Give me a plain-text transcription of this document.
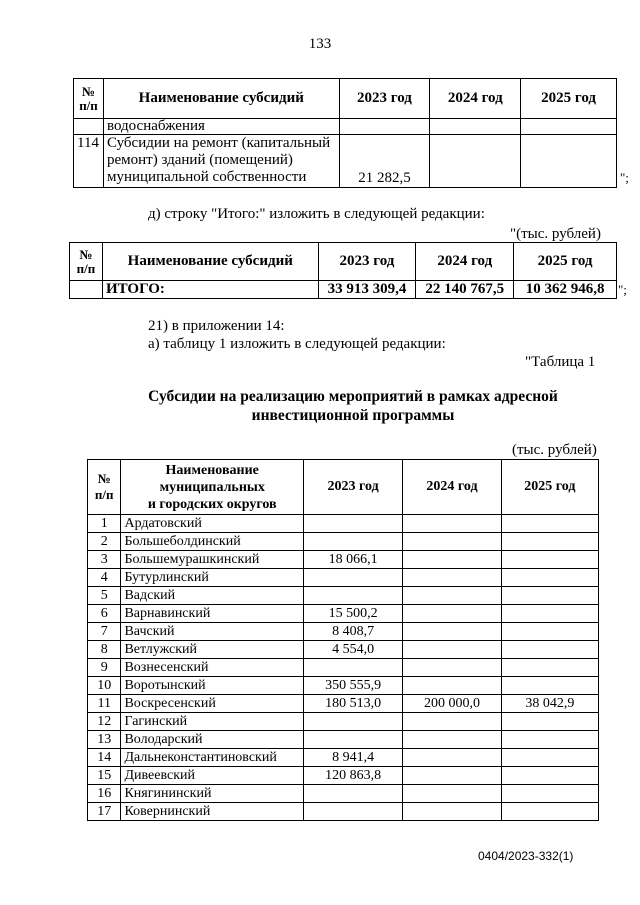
133
№ п/п	Наименование субсидий	2023 год	2024 год	2025 год
	водоснабжения			
114	Субсидии на ремонт (капитальный
ремонт) зданий (помещений)
муниципальной собственности	21 282,5			";
д) строку "Итого:" изложить в следующей редакции:
"(тыс. рублей)
№ п/п	Наименование субсидий	2023 год	2024 год	2025 год
	ИТОГО:	33 913 309,4	22 140 767,5	10 362 946,8 ";
21) в приложении 14:
а) таблицу 1 изложить в следующей редакции:
"Таблица 1
Субсидии на реализацию мероприятий в рамках адресной
инвестиционной программы
(тыс. рублей)
№ п/п	Наименование
муниципальных
и городских округов	2023 год	2024 год	2025 год
1	Ардатовский			
2	Большеболдинский			
3	Большемурашкинский	18 066,1		
4	Бутурлинский			
5	Вадский			
6	Варнавинский	15 500,2		
7	Вачский	8 408,7		
8	Ветлужский	4 554,0		
9	Вознесенский			
10	Воротынский	350 555,9		
11	Воскресенский	180 513,0	200 000,0	38 042,9
12	Гагинский			
13	Володарский			
14	Дальнеконстантиновский	8 941,4		
15	Дивеевский	120 863,8		
16	Княгининский			
17	Ковернинский			
0404/2023-332(1)
